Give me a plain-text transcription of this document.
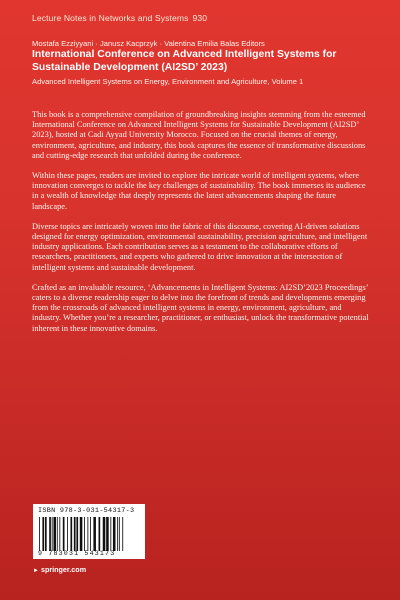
Lecture Notes in Networks and Systems 930
Mostafa Ezziyyani · Janusz Kacprzyk · Valentina Emilia Balas Editors
International Conference on Advanced Intelligent Systems for Sustainable Development (AI2SD’ 2023)
Advanced Intelligent Systems on Energy, Environment and Agriculture, Volume 1

This book is a comprehensive compilation of groundbreaking insights stemming from the esteemed International Conference on Advanced Intelligent Systems for Sustainable Development (AI2SD’ 2023), hosted at Cadi Ayyad University Morocco. Focused on the crucial themes of energy, environment, agriculture, and industry, this book captures the essence of transformative discussions and cutting-edge research that unfolded during the conference.

Within these pages, readers are invited to explore the intricate world of intelligent systems, where innovation converges to tackle the key challenges of sustainability. The book immerses its audience in a wealth of knowledge that deeply represents the latest advancements shaping the future landscape.

Diverse topics are intricately woven into the fabric of this discourse, covering AI-driven solutions designed for energy optimization, environmental sustainability, precision agriculture, and intelligent industry applications. Each contribution serves as a testament to the collaborative efforts of researchers, practitioners, and experts who gathered to drive innovation at the intersection of intelligent systems and sustainable development.

Crafted as an invaluable resource, ‘Advancements in Intelligent Systems: AI2SD’2023 Proceedings’ caters to a diverse readership eager to delve into the forefront of trends and developments emerging from the crossroads of advanced intelligent systems in energy, environment, agriculture, and industry. Whether you’re a researcher, practitioner, or enthusiast, unlock the transformative potential inherent in these innovative domains.

ISBN 978-3-031-54317-3
9 783031 543173
► springer.com
